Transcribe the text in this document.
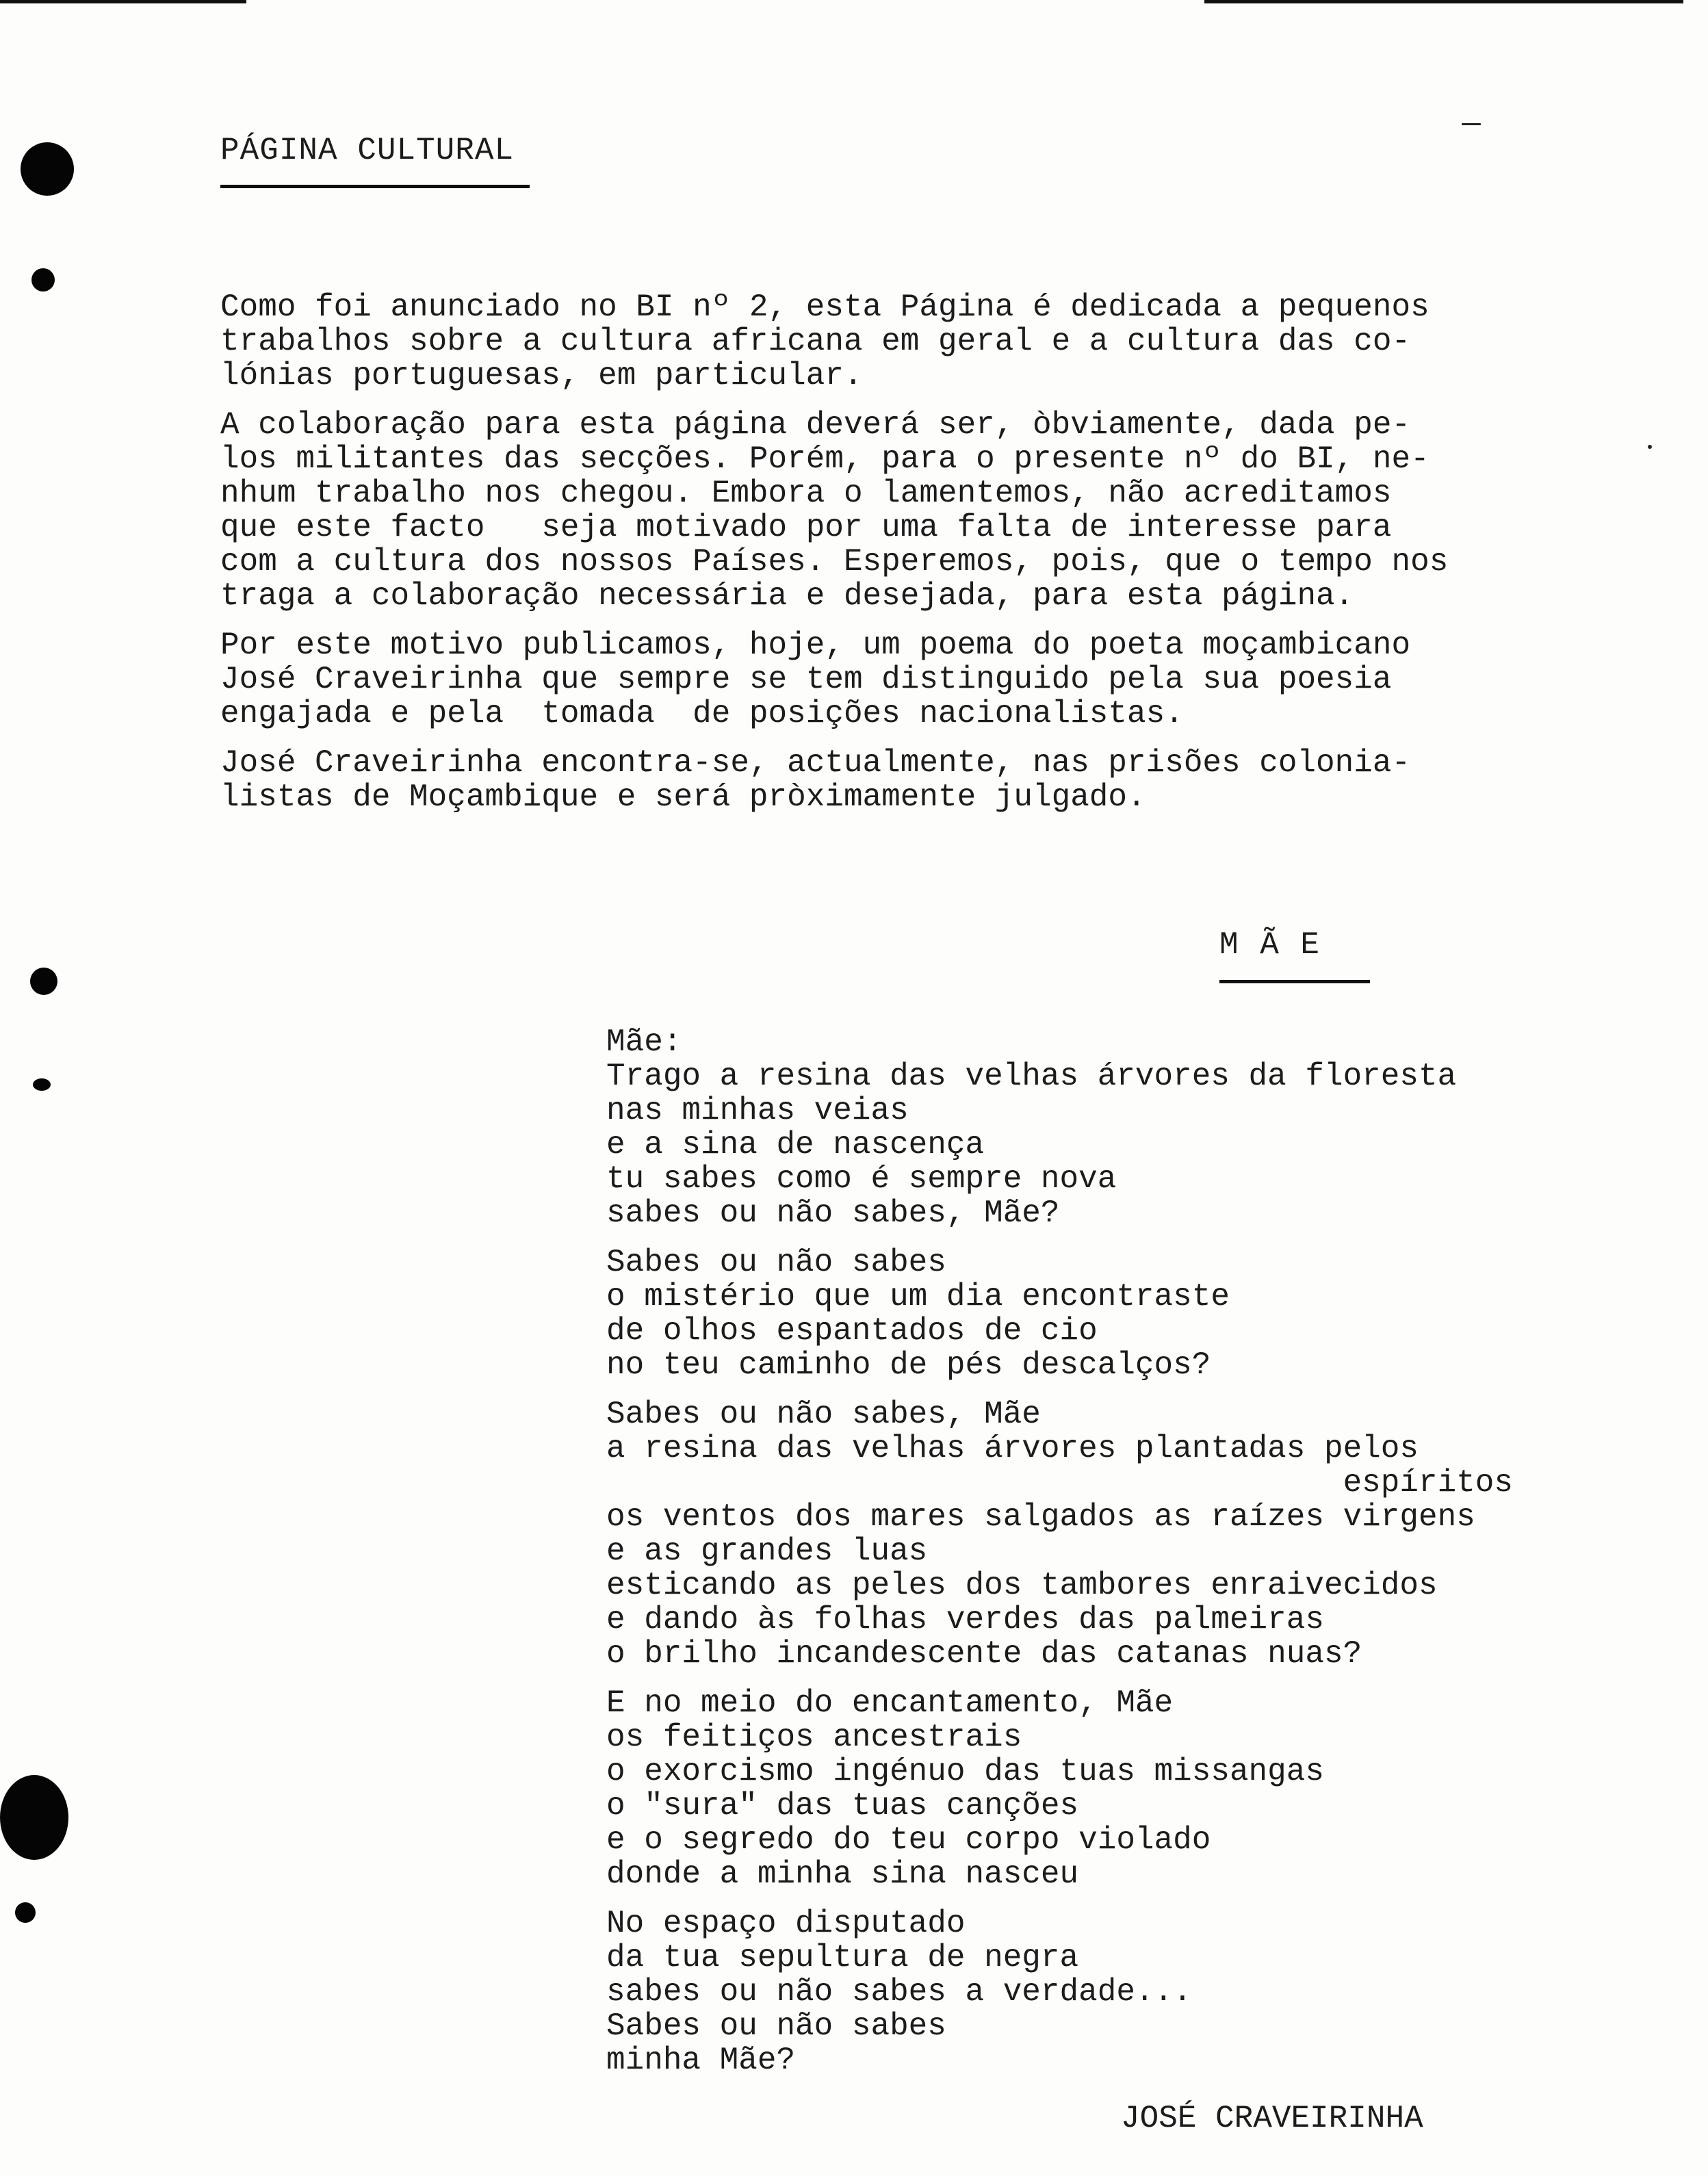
PÁGINA CULTURAL

Como foi anunciado no BI nº 2, esta Página é dedicada a pequenos
trabalhos sobre a cultura africana em geral e a cultura das co-
lónias portuguesas, em particular.

A colaboração para esta página deverá ser, òbviamente, dada pe-
los militantes das secções. Porém, para o presente nº do BI, ne-
nhum trabalho nos chegou. Embora o lamentemos, não acreditamos
que este facto   seja motivado por uma falta de interesse para
com a cultura dos nossos Países. Esperemos, pois, que o tempo nos
traga a colaboração necessária e desejada, para esta página.

Por este motivo publicamos, hoje, um poema do poeta moçambicano
José Craveirinha que sempre se tem distinguido pela sua poesia
engajada e pela  tomada  de posições nacionalistas.

José Craveirinha encontra-se, actualmente, nas prisões colonia-
listas de Moçambique e será pròximamente julgado.

M Ã E
Mãe:
Trago a resina das velhas árvores da floresta
nas minhas veias
e a sina de nascença
tu sabes como é sempre nova
sabes ou não sabes, Mãe?
Sabes ou não sabes
o mistério que um dia encontraste
de olhos espantados de cio
no teu caminho de pés descalços?
Sabes ou não sabes, Mãe
a resina das velhas árvores plantadas pelos
espíritos
os ventos dos mares salgados as raízes virgens
e as grandes luas
esticando as peles dos tambores enraivecidos
e dando às folhas verdes das palmeiras
o brilho incandescente das catanas nuas?
E no meio do encantamento, Mãe
os feitiços ancestrais
o exorcismo ingénuo das tuas missangas
o "sura" das tuas canções
e o segredo do teu corpo violado
donde a minha sina nasceu
No espaço disputado
da tua sepultura de negra
sabes ou não sabes a verdade...
Sabes ou não sabes
minha Mãe?
JOSÉ CRAVEIRINHA
